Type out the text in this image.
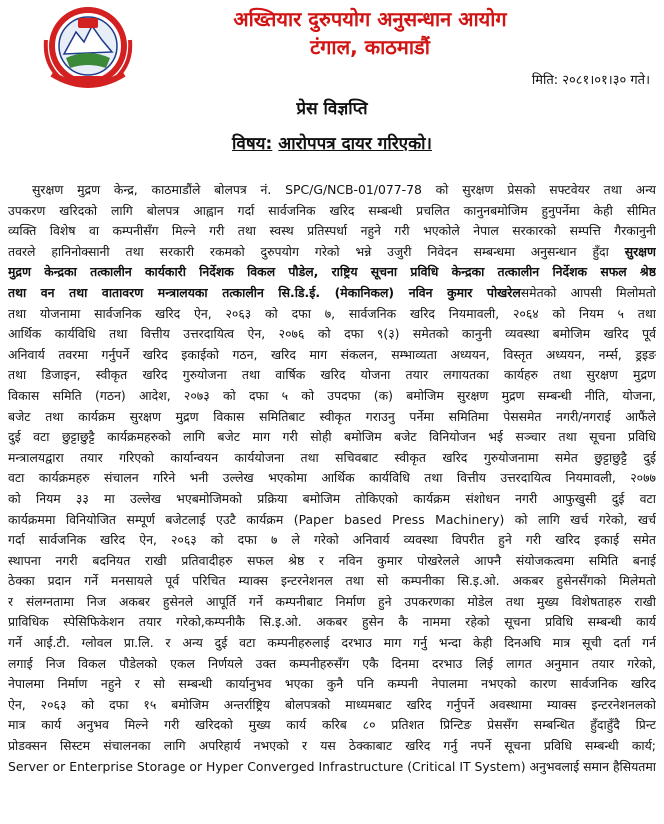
अख्तियार दुरुपयोग अनुसन्धान आयोग
टंगाल, काठमाडौं
मिति: २०८१।०१।३० गते।
प्रेस विज्ञप्ति
विषय: आरोपपत्र दायर गरिएको।
सुरक्षण मुद्रण केन्द्र, काठमाडौंले बोलपत्र नं. SPC/G/NCB-01/077-78 को सुरक्षण प्रेसको सफ्टवेयर तथा अन्य
उपकरण खरिदको लागि बोलपत्र आह्वान गर्दा सार्वजनिक खरिद सम्बन्धी प्रचलित कानुनबमोजिम हुनुपर्नेमा केही सीमित
व्यक्ति विशेष वा कम्पनीसँग मिल्ने गरी तथा स्वस्थ प्रतिस्पर्धा नहुने गरी भएकोले नेपाल सरकारको सम्पत्ति गैरकानुनी
तवरले हानिनोक्सानी तथा सरकारी रकमको दुरुपयोग गरेको भन्ने उजुरी निवेदन सम्बन्धमा अनुसन्धान हुँदा सुरक्षण
मुद्रण केन्द्रका तत्कालीन कार्यकारी निर्देशक विकल पौडेल, राष्ट्रिय सूचना प्रविधि केन्द्रका तत्कालीन निर्देशक सफल श्रेष्ठ
तथा वन तथा वातावरण मन्त्रालयका तत्कालीन सि.डि.ई. (मेकानिकल) नविन कुमार पोखरेलसमेतको आपसी मिलोमतो
तथा योजनामा सार्वजनिक खरिद ऐन, २०६३ को दफा ७, सार्वजनिक खरिद नियमावली, २०६४ को नियम ५ तथा
आर्थिक कार्यविधि तथा वित्तीय उत्तरदायित्व ऐन, २०७६ को दफा ९(३) समेतको कानुनी व्यवस्था बमोजिम खरिद पूर्व
अनिवार्य तवरमा गर्नुपर्ने खरिद इकाईको गठन, खरिद माग संकलन, सम्भाव्यता अध्ययन, विस्तृत अध्ययन, नर्म्स, ड्रइङ
तथा डिजाइन, स्वीकृत खरिद गुरुयोजना तथा वार्षिक खरिद योजना तयार लगायतका कार्यहरु तथा सुरक्षण मुद्रण
विकास समिति (गठन) आदेश, २०७३ को दफा ५ को उपदफा (क) बमोजिम सुरक्षण मुद्रण सम्बन्धी नीति, योजना,
बजेट तथा कार्यक्रम सुरक्षण मुद्रण विकास समितिबाट स्वीकृत गराउनु पर्नेमा समितिमा पेससमेत नगरी/नगराई आफैंले
दुई वटा छुट्टाछुट्टै कार्यक्रमहरुको लागि बजेट माग गरी सोही बमोजिम बजेट विनियोजन भई सञ्चार तथा सूचना प्रविधि
मन्त्रालयद्वारा तयार गरिएको कार्यान्वयन कार्ययोजना तथा सचिवबाट स्वीकृत खरिद गुरुयोजनामा समेत छुट्टाछुट्टै दुई
वटा कार्यक्रमहरु संचालन गरिने भनी उल्लेख भएकोमा आर्थिक कार्यविधि तथा वित्तीय उत्तरदायित्व नियमावली, २०७७
को नियम ३३ मा उल्लेख भएबमोजिमको प्रक्रिया बमोजिम तोकिएको कार्यक्रम संशोधन नगरी आफुखुसी दुई वटा
कार्यक्रममा विनियोजित सम्पूर्ण बजेटलाई एउटै कार्यक्रम (Paper based Press Machinery) को लागि खर्च गरेको, खर्च
गर्दा सार्वजनिक खरिद ऐन, २०६३ को दफा ७ ले गरेको अनिवार्य व्यवस्था विपरीत हुने गरी खरिद इकाई समेत
स्थापना नगरी बदनियत राखी प्रतिवादीहरु सफल श्रेष्ठ र नविन कुमार पोखरेलले आफ्नै संयोजकत्वमा समिति बनाई
ठेक्का प्रदान गर्ने मनसायले पूर्व परिचित म्याक्स इन्टरनेशनल तथा सो कम्पनीका सि.इ.ओ. अकबर हुसेनसँगको मिलेमतो
र संलग्नतामा निज अकबर हुसेनले आपूर्ति गर्ने कम्पनीबाट निर्माण हुने उपकरणका मोडेल तथा मुख्य विशेषताहरु राखी
प्राविधिक स्पेसिफिकेशन तयार गरेको,कम्पनीकै सि.इ.ओ. अकबर हुसेन कै नाममा रहेको सूचना प्रविधि सम्बन्धी कार्य
गर्ने आई.टी. ग्लोवल प्रा.लि. र अन्य दुई वटा कम्पनीहरुलाई दरभाउ माग गर्नु भन्दा केही दिनअघि मात्र सूची दर्ता गर्न
लगाई निज विकल पौडेलको एकल निर्णयले उक्त कम्पनीहरुसँग एकै दिनमा दरभाउ लिई लागत अनुमान तयार गरेको,
नेपालमा निर्माण नहुने र सो सम्बन्धी कार्यानुभव भएका कुनै पनि कम्पनी नेपालमा नभएको कारण सार्वजनिक खरिद
ऐन, २०६३ को दफा १५ बमोजिम अन्तर्राष्ट्रिय बोलपत्रको माध्यमबाट खरिद गर्नुपर्ने अवस्थामा म्याक्स इन्टरनेशनलको
मात्र कार्य अनुभव मिल्ने गरी खरिदको मुख्य कार्य करिब ८० प्रतिशत प्रिन्टिङ प्रेससँग सम्बन्धित हुँदाहुँदै प्रिन्ट
प्रोडक्सन सिस्टम संचालनका लागि अपरिहार्य नभएको र यस ठेक्काबाट खरिद गर्नु नपर्ने सूचना प्रविधि सम्बन्धी कार्य;
Server or Enterprise Storage or Hyper Converged Infrastructure (Critical IT System) अनुभवलाई समान हैसियतमा
